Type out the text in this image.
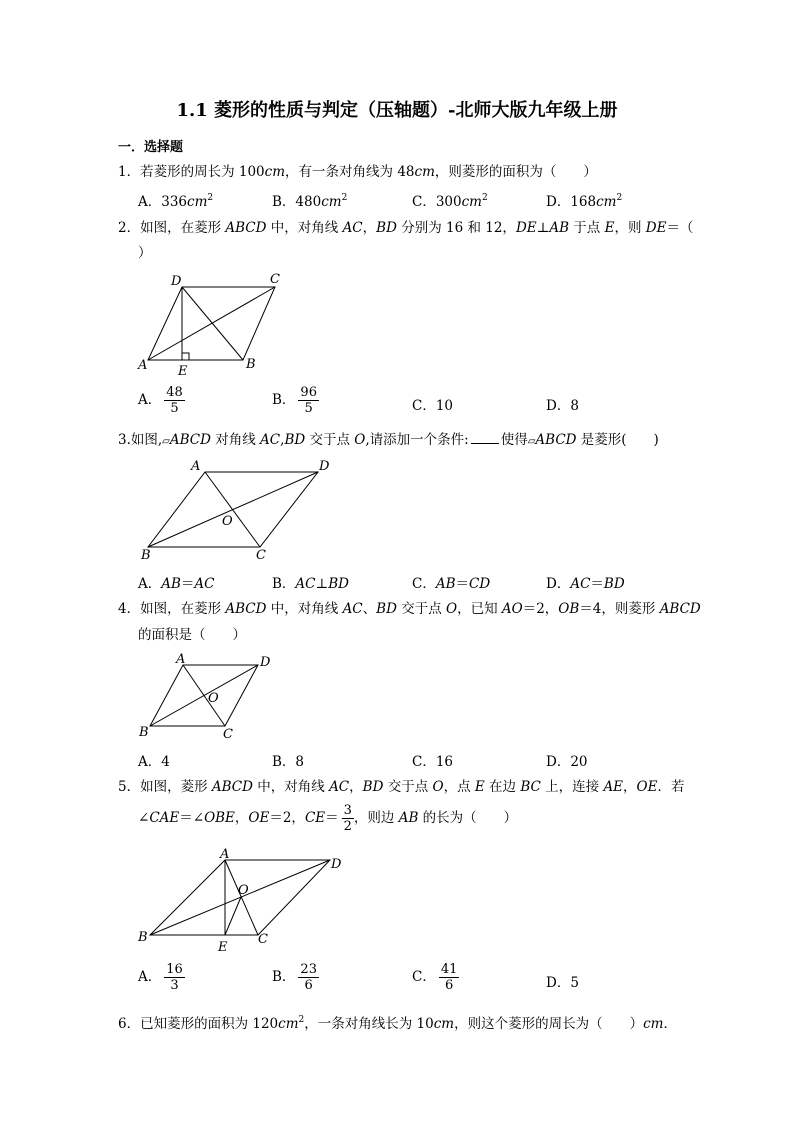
1.1 菱形的性质与判定（压轴题）-北师大版九年级上册
一．选择题
1．若菱形的周长为 100cm，有一条对角线为 48cm，则菱形的面积为（　　）
A．$336cm^2$	B．$480cm^2$	C．$300cm^2$	D．$168cm^2$
2．如图，在菱形 ABCD 中，对角线 AC，BD 分别为 16 和 12，DE⊥AB 于点 E，则 DE＝（
）
D	C
A	B
E
A． $\frac{48}{5}$	B． $\frac{96}{5}$	C．10	D．8
3.如图,▱ABCD 对角线 AC,BD 交于点 O,请添加一个条件: 使得▱ABCD 是菱形(　　)
A	D
B	C
O
A．AB＝AC	B．AC⊥BD	C．AB＝CD	D．AC＝BD
4．如图，在菱形 ABCD 中，对角线 AC、BD 交于点 O，已知 AO＝2，OB＝4，则菱形 ABCD
的面积是（　　）
A	D
B	C
O
A．4	B．8	C．16	D．20
5．如图，菱形 ABCD 中，对角线 AC，BD 交于点 O，点 E 在边 BC 上，连接 AE，OE．若
∠CAE＝∠OBE，OE＝2，$CE= \frac{3}{2}$ ，则边 AB 的长为（　　）
A
D
B	C
O
E
A． $\frac{16}{3}$	B． $\frac{23}{6}$	C． $\frac{41}{6}$	D．5
6．已知菱形的面积为 $120cm^2$，一条对角线长为 10cm，则这个菱形的周长为（　　）cm．
